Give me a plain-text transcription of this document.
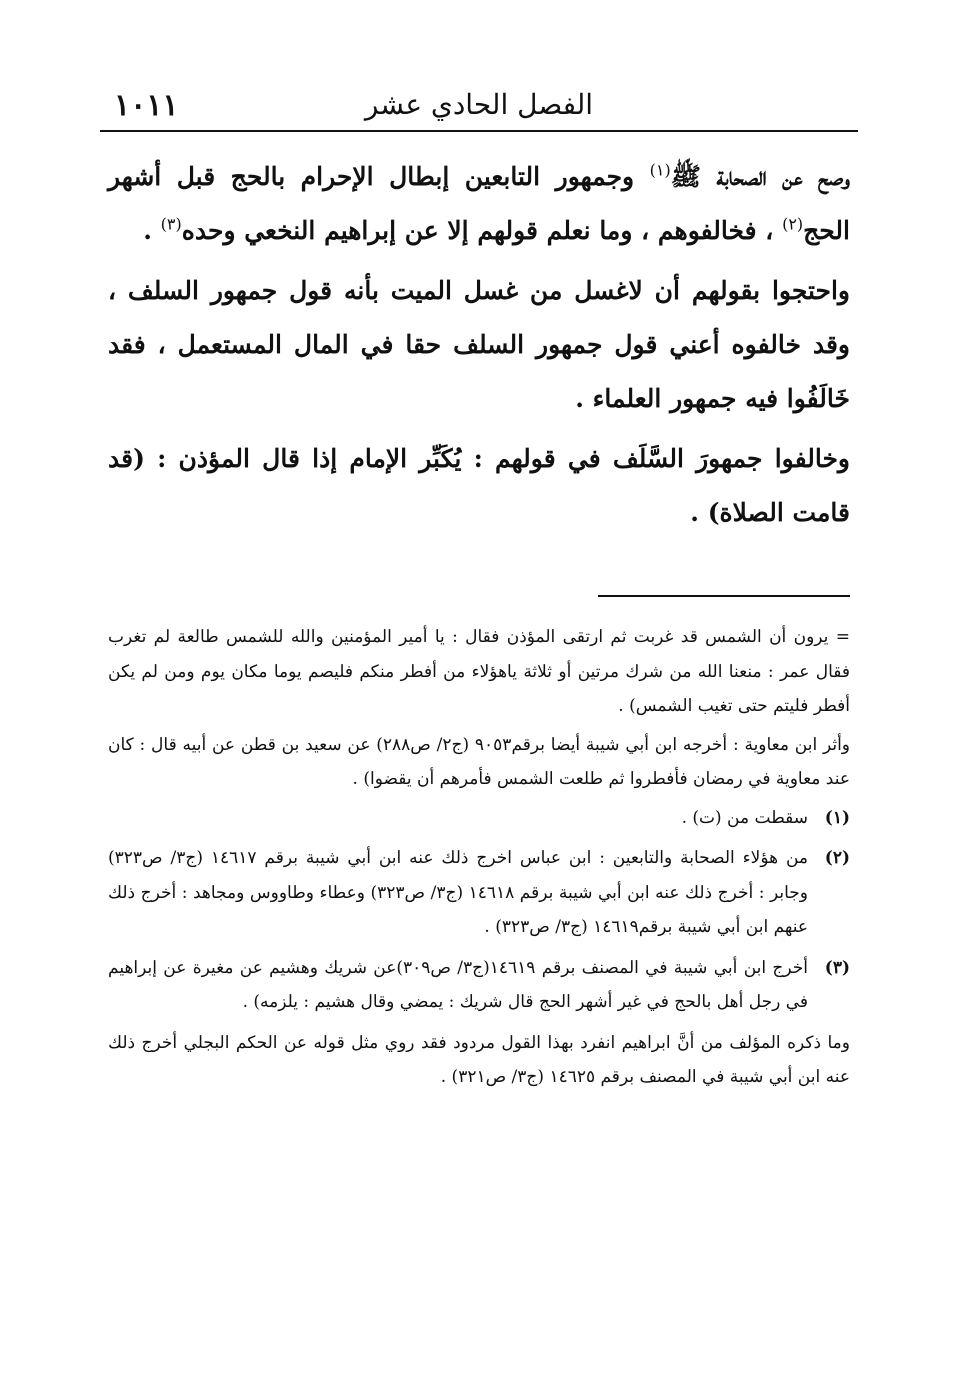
١٠١١	الفصل الحادي عشر

وصح عن الصحابة ﷺ$^{(١)}$ وجمهور التابعين إبطال الإحرام بالحج قبل أشهر الحج$^{(٢)}$ ، فخالفوهم ، وما نعلم قولهم إلا عن إبراهيم النخعي وحده$^{(٣)}$ .

واحتجوا بقولهم أن لاغسل من غسل الميت بأنه قول جمهور السلف ، وقد خالفوه أعني قول جمهور السلف حقا في المال المستعمل ، فقد خَالَفُوا فيه جمهور العلماء .

وخالفوا جمهورَ السَّلَف في قولهم : يُكَبِّر الإمام إذا قال المؤذن : (قد قامت الصلاة) .

= يرون أن الشمس قد غربت ثم ارتقى المؤذن فقال : يا أمير المؤمنين والله للشمس طالعة لم تغرب فقال عمر : منعنا الله من شرك مرتين أو ثلاثة ياهؤلاء من أفطر منكم فليصم يوما مكان يوم ومن لم يكن أفطر فليتم حتى تغيب الشمس) .

وأثر ابن معاوية : أخرجه ابن أبي شيبة أيضا برقم٩٠٥٣ (ج٢/ ص٢٨٨) عن سعيد بن قطن عن أبيه قال : كان عند معاوية في رمضان فأفطروا ثم طلعت الشمس فأمرهم أن يقضوا) .

(١)
سقطت من (ت) .
(٢)
من هؤلاء الصحابة والتابعين : ابن عباس اخرج ذلك عنه ابن أبي شيبة برقم ١٤٦١٧ (ج٣/ ص٣٢٣) وجابر : أخرج ذلك عنه ابن أبي شيبة برقم ١٤٦١٨ (ج٣/ ص٣٢٣) وعطاء وطاووس ومجاهد : أخرج ذلك عنهم ابن أبي شيبة برقم١٤٦١٩ (ج٣/ ص٣٢٣) .
(٣)
أخرج ابن أبي شيبة في المصنف برقم ١٤٦١٩(ج٣/ ص٣٠٩)عن شريك وهشيم عن مغيرة عن إبراهيم في رجل أهل بالحج في غير أشهر الحج قال شريك : يمضي وقال هشيم : يلزمه) .

وما ذكره المؤلف من أنَّ ابراهيم انفرد بهذا القول مردود فقد روي مثل قوله عن الحكم البجلي أخرج ذلك عنه ابن أبي شيبة في المصنف برقم ١٤٦٢٥ (ج٣/ ص٣٢١) .
